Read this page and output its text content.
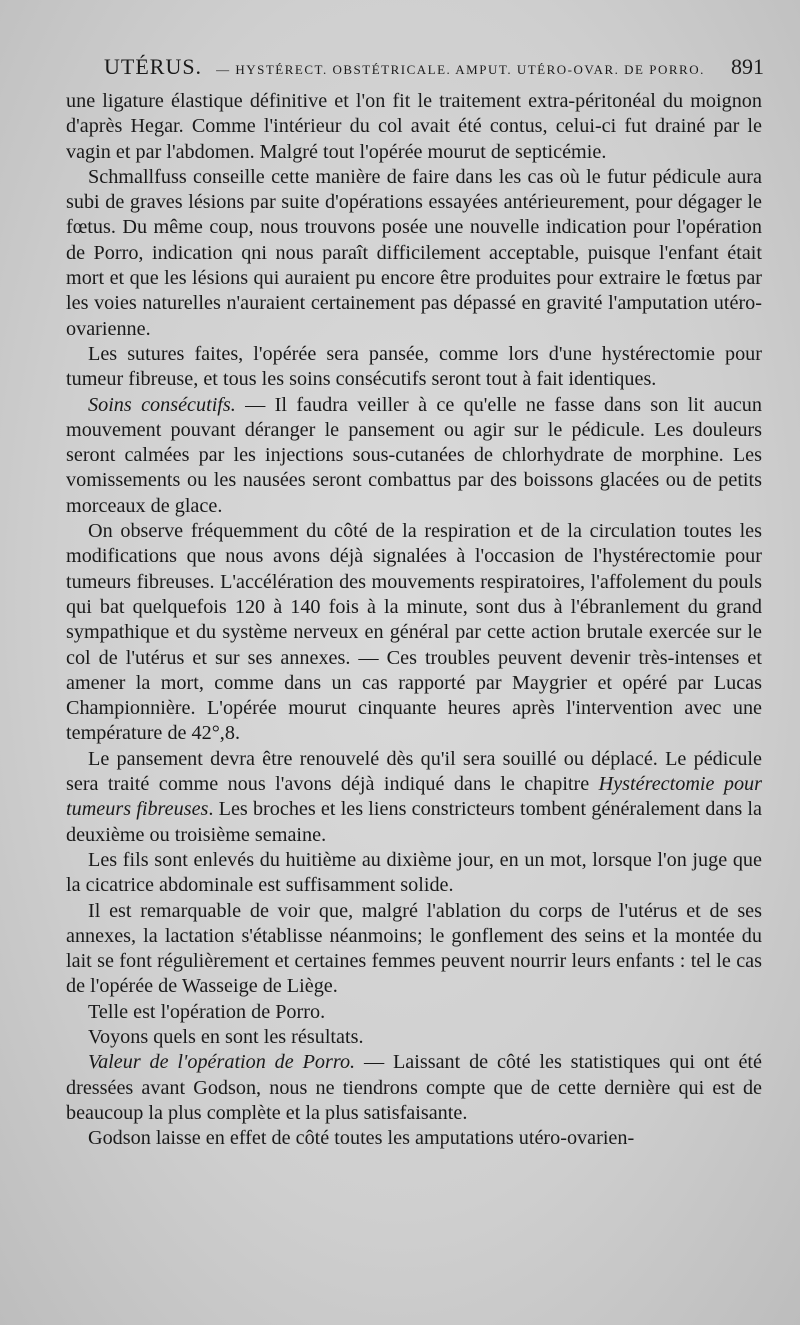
UTÉRUS. — HYSTÉRECT. OBSTÉTRICALE. AMPUT. UTÉRO-OVAR. DE PORRO.	891

une ligature élastique définitive et l'on fit le traitement extra-péritonéal du moignon d'après Hegar. Comme l'intérieur du col avait été contus, celui-ci fut drainé par le vagin et par l'abdomen. Malgré tout l'opérée mourut de septicémie.

Schmallfuss conseille cette manière de faire dans les cas où le futur pédicule aura subi de graves lésions par suite d'opérations essayées antérieurement, pour dégager le fœtus. Du même coup, nous trouvons posée une nouvelle indication pour l'opération de Porro, indication qni nous paraît difficilement acceptable, puisque l'enfant était mort et que les lésions qui auraient pu encore être produites pour extraire le fœtus par les voies naturelles n'auraient certainement pas dépassé en gravité l'amputation utéro-ovarienne.

Les sutures faites, l'opérée sera pansée, comme lors d'une hystérectomie pour tumeur fibreuse, et tous les soins consécutifs seront tout à fait identiques.

Soins consécutifs. — Il faudra veiller à ce qu'elle ne fasse dans son lit aucun mouvement pouvant déranger le pansement ou agir sur le pédicule. Les douleurs seront calmées par les injections sous-cutanées de chlorhydrate de morphine. Les vomissements ou les nausées seront combattus par des boissons glacées ou de petits morceaux de glace.

On observe fréquemment du côté de la respiration et de la circulation toutes les modifications que nous avons déjà signalées à l'occasion de l'hystérectomie pour tumeurs fibreuses. L'accélération des mouvements respiratoires, l'affolement du pouls qui bat quelquefois 120 à 140 fois à la minute, sont dus à l'ébranlement du grand sympathique et du système nerveux en général par cette action brutale exercée sur le col de l'utérus et sur ses annexes. — Ces troubles peuvent devenir très-intenses et amener la mort, comme dans un cas rapporté par Maygrier et opéré par Lucas Championnière. L'opérée mourut cinquante heures après l'intervention avec une température de 42°,8.

Le pansement devra être renouvelé dès qu'il sera souillé ou déplacé. Le pédicule sera traité comme nous l'avons déjà indiqué dans le chapitre Hystérectomie pour tumeurs fibreuses. Les broches et les liens constricteurs tombent généralement dans la deuxième ou troisième semaine.

Les fils sont enlevés du huitième au dixième jour, en un mot, lorsque l'on juge que la cicatrice abdominale est suffisamment solide.

Il est remarquable de voir que, malgré l'ablation du corps de l'utérus et de ses annexes, la lactation s'établisse néanmoins; le gonflement des seins et la montée du lait se font régulièrement et certaines femmes peuvent nourrir leurs enfants : tel le cas de l'opérée de Wasseige de Liège.

Telle est l'opération de Porro.

Voyons quels en sont les résultats.

Valeur de l'opération de Porro. — Laissant de côté les statistiques qui ont été dressées avant Godson, nous ne tiendrons compte que de cette dernière qui est de beaucoup la plus complète et la plus satisfaisante.

Godson laisse en effet de côté toutes les amputations utéro-ovarien-
